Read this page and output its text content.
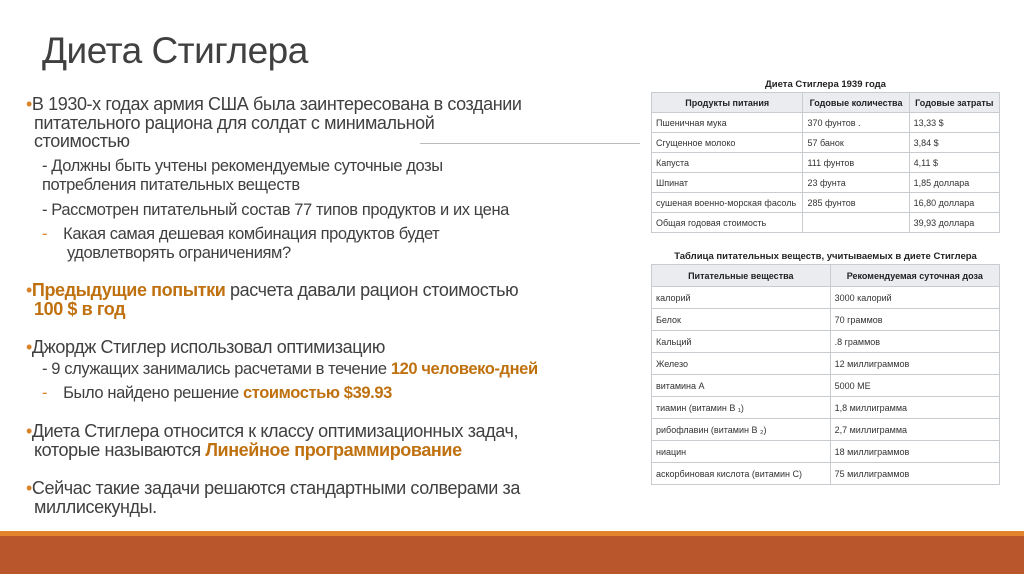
Диета Стиглера
•В 1930-х годах армия США была заинтересована в создании
питательного рациона для солдат с минимальной
стоимостью
- Должны быть учтены рекомендуемые суточные дозы
потребления питательных веществ
- Рассмотрен питательный состав 77 типов продуктов и их цена
- Какая самая дешевая комбинация продуктов будет
удовлетворять ограничениям?
•Предыдущие попытки расчета давали рацион стоимостью
100 $ в год
•Джордж Стиглер использовал оптимизацию
- 9 служащих занимались расчетами в течение 120 человеко-дней
- Было найдено решение стоимостью $39.93
•Диета Стиглера относится к классу оптимизационных задач,
которые называются Линейное программирование
•Сейчас такие задачи решаются стандартными солверами за
миллисекунды.
Диета Стиглера 1939 года
Продукты питания	Годовые количества	Годовые затраты
Пшеничная мука	370 фунтов .	13,33 $
Сгущенное молоко	57 банок	3,84 $
Капуста	111 фунтов	4,11 $
Шпинат	23 фунта	1,85 доллара
сушеная военно-морская фасоль	285 фунтов	16,80 доллара
Общая годовая стоимость		39,93 доллара
Таблица питательных веществ, учитываемых в диете Стиглера
Питательные вещества	Рекомендуемая суточная доза
калорий	3000 калорий
Белок	70 граммов
Кальций	.8 граммов
Железо	12 миллиграммов
витамина А	5000 МЕ
тиамин (витамин В ₁)	1,8 миллиграмма
рибофлавин (витамин В ₂)	2,7 миллиграмма
ниацин	18 миллиграммов
аскорбиновая кислота (витамин С)	75 миллиграммов
